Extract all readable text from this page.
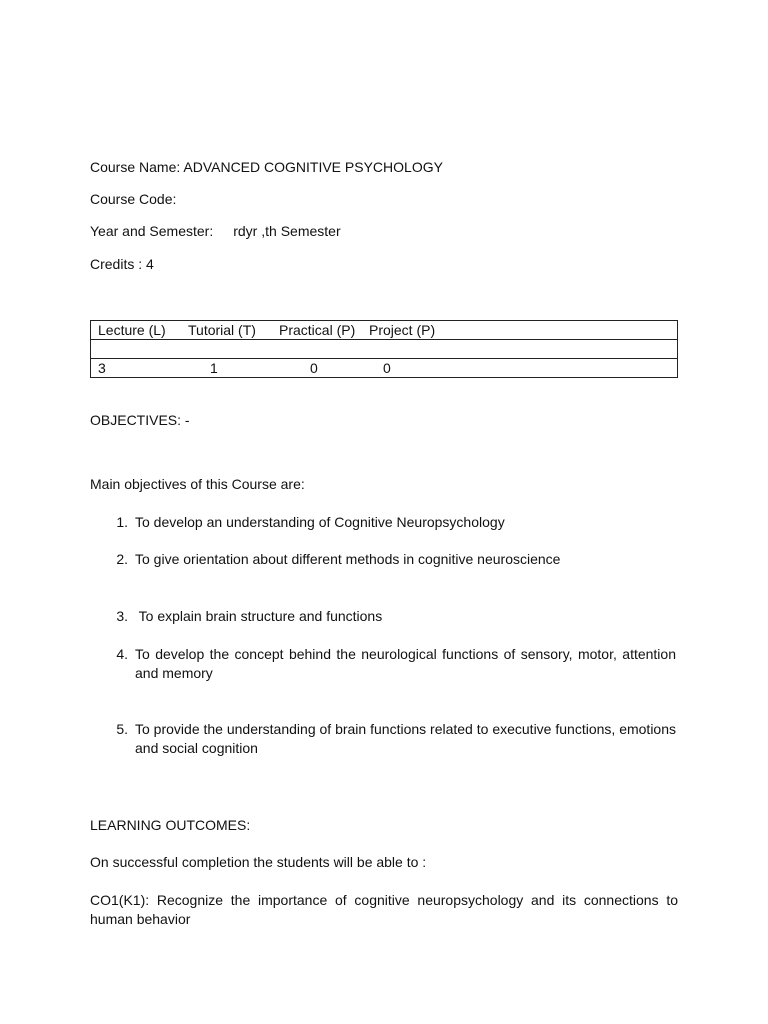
Course Name: ADVANCED COGNITIVE PSYCHOLOGY
Course Code:
Year and Semester: rdyr ,th Semester
Credits : 4
Lecture (L) Tutorial (T) Practical (P) Project (P)
3	1	0	0
OBJECTIVES: -
Main objectives of this Course are:
1. To develop an understanding of Cognitive Neuropsychology
2. To give orientation about different methods in cognitive neuroscience
3. To explain brain structure and functions
4. To develop the concept behind the neurological functions of sensory, motor, attention and memory
5. To provide the understanding of brain functions related to executive functions, emotions and social cognition
LEARNING OUTCOMES:
On successful completion the students will be able to :
CO1(K1): Recognize the importance of cognitive neuropsychology and its connections to human behavior
